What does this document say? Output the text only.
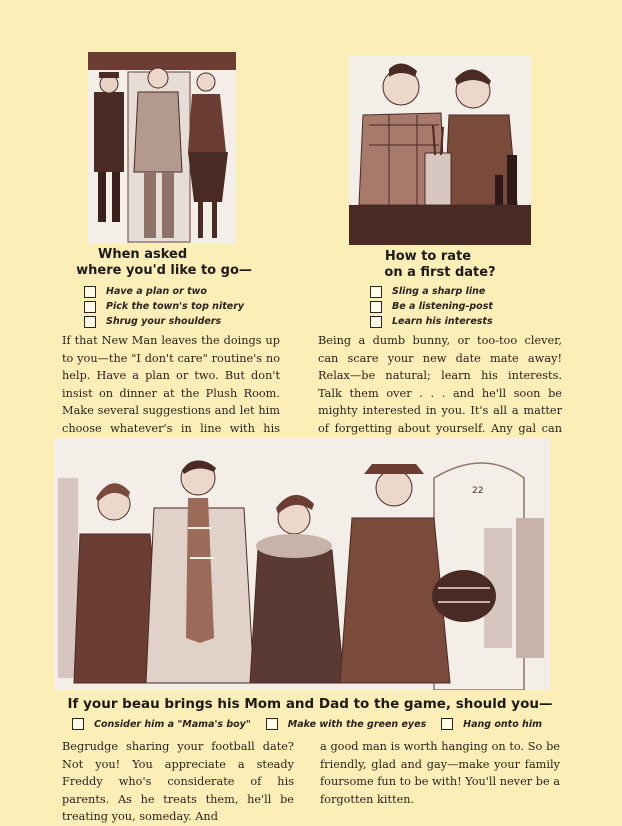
When asked
where you'd like to go—
Have a plan or two
Pick the town's top nitery
Shrug your shoulders

If that New Man leaves the doings up to you—the "I don't care" routine's no help. Have a plan or two. But don't insist on dinner at the Plush Room. Make several suggestions and let him choose whatever's in line with his

How to rate
on a first date?
Sling a sharp line
Be a listening-post
Learn his interests

Being a dumb bunny, or too-too clever, can scare your new date mate away! Relax—be natural; learn his interests. Talk them over . . . and he'll soon be mighty interested in you. It's all a matter of forgetting about yourself. Any gal can

22
If your beau brings his Mom and Dad to the game, should you—
Consider him a "Mama's boy"	Make with the green eyes	Hang onto him

Begrudge sharing your football date? Not you! You appreciate a steady Freddy who's considerate of his parents. As he treats them, he'll be treating you, someday. And

a good man is worth hanging on to. So be friendly, glad and gay—make your family foursome fun to be with! You'll never be a forgotten kitten.
